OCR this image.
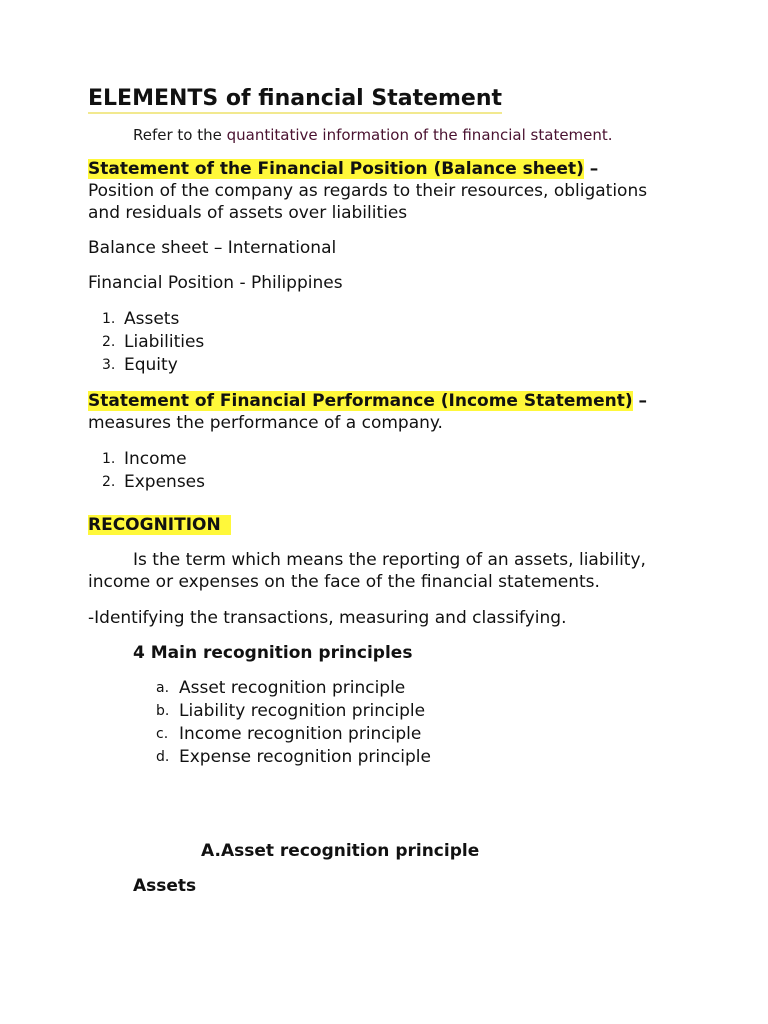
ELEMENTS of financial Statement
Refer to the quantitative information of the financial statement.
Statement of the Financial Position (Balance sheet) –
Position of the company as regards to their resources, obligations
and residuals of assets over liabilities
Balance sheet – International
Financial Position - Philippines
1. Assets
2. Liabilities
3. Equity
Statement of Financial Performance (Income Statement) –
measures the performance of a company.
1. Income
2. Expenses
RECOGNITION
Is the term which means the reporting of an assets, liability,
income or expenses on the face of the financial statements.
-Identifying the transactions, measuring and classifying.
4 Main recognition principles
a. Asset recognition principle
b. Liability recognition principle
c. Income recognition principle
d. Expense recognition principle
A.Asset recognition principle
Assets
